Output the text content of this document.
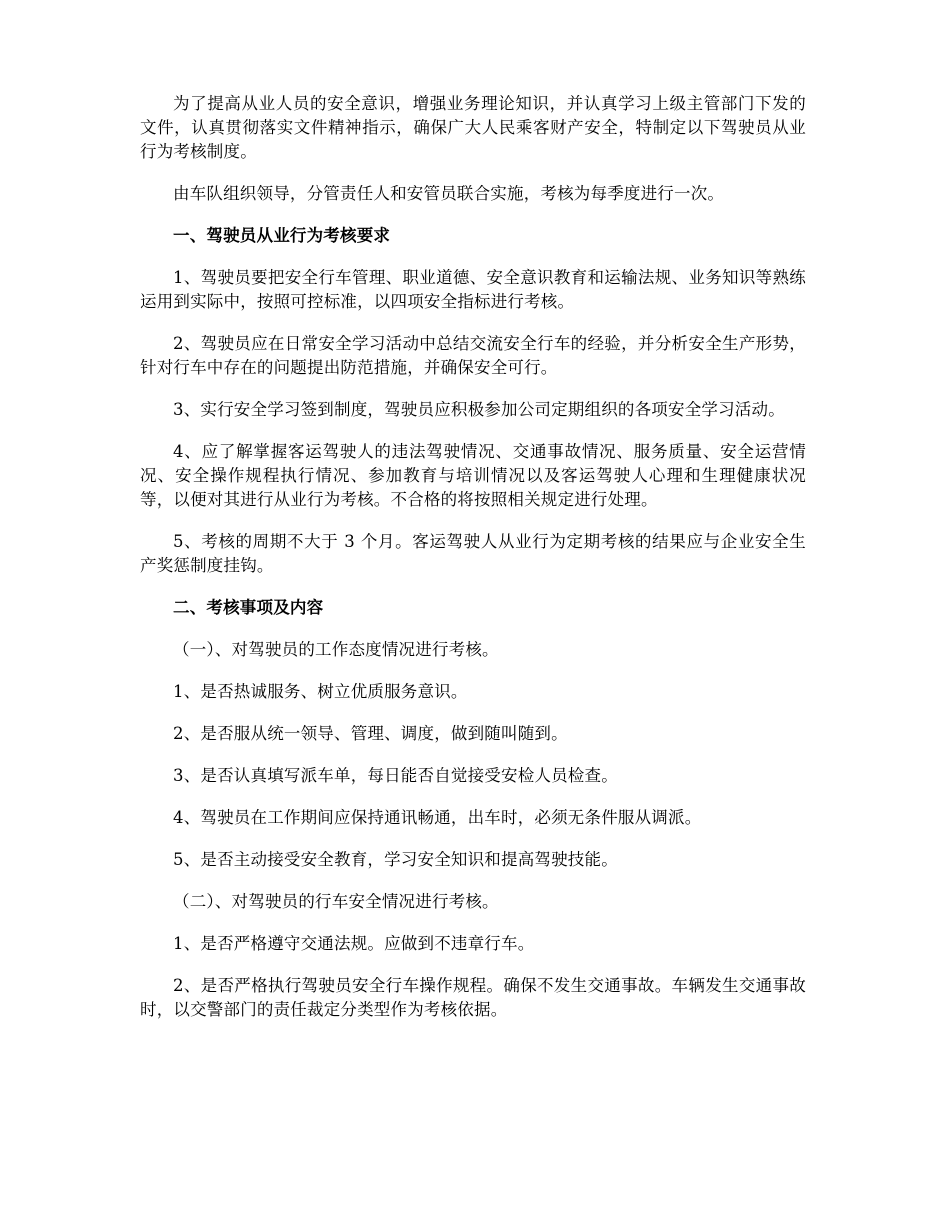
为了提高从业人员的安全意识，增强业务理论知识，并认真学习上级主管部门下发的文件，认真贯彻落实文件精神指示，确保广大人民乘客财产安全，特制定以下驾驶员从业行为考核制度。

由车队组织领导，分管责任人和安管员联合实施，考核为每季度进行一次。

一、驾驶员从业行为考核要求

1、驾驶员要把安全行车管理、职业道德、安全意识教育和运输法规、业务知识等熟练运用到实际中，按照可控标准，以四项安全指标进行考核。

2、驾驶员应在日常安全学习活动中总结交流安全行车的经验，并分析安全生产形势，针对行车中存在的问题提出防范措施，并确保安全可行。

3、实行安全学习签到制度，驾驶员应积极参加公司定期组织的各项安全学习活动。

4、应了解掌握客运驾驶人的违法驾驶情况、交通事故情况、服务质量、安全运营情况、安全操作规程执行情况、参加教育与培训情况以及客运驾驶人心理和生理健康状况等，以便对其进行从业行为考核。不合格的将按照相关规定进行处理。

5、考核的周期不大于 3 个月。客运驾驶人从业行为定期考核的结果应与企业安全生产奖惩制度挂钩。

二、考核事项及内容

（一）、对驾驶员的工作态度情况进行考核。

1、是否热诚服务、树立优质服务意识。

2、是否服从统一领导、管理、调度，做到随叫随到。

3、是否认真填写派车单，每日能否自觉接受安检人员检查。

4、驾驶员在工作期间应保持通讯畅通，出车时，必须无条件服从调派。

5、是否主动接受安全教育，学习安全知识和提高驾驶技能。

（二）、对驾驶员的行车安全情况进行考核。

1、是否严格遵守交通法规。应做到不违章行车。

2、是否严格执行驾驶员安全行车操作规程。确保不发生交通事故。车辆发生交通事故时，以交警部门的责任裁定分类型作为考核依据。
